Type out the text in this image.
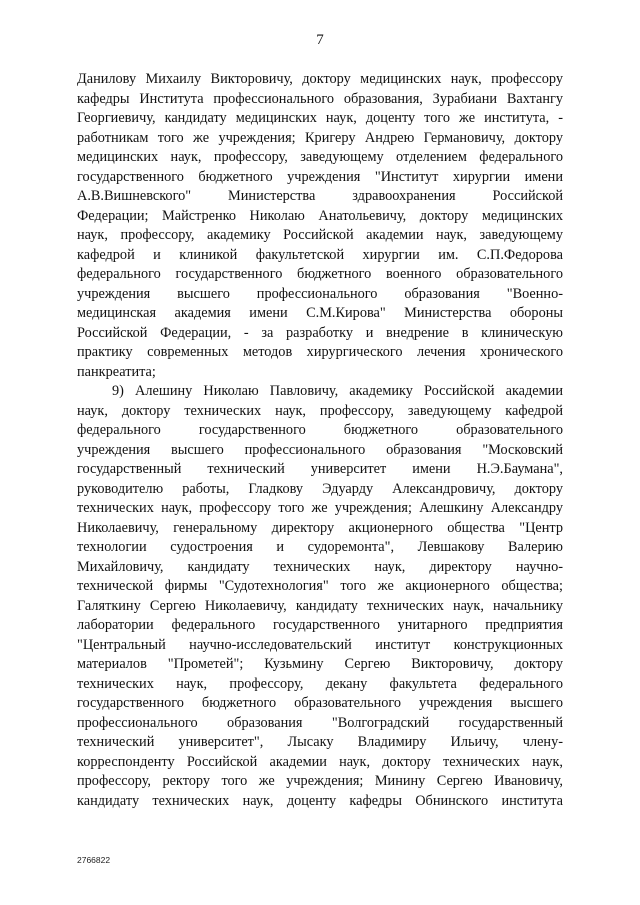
7
Данилову Михаилу Викторовичу, доктору медицинских наук, профессору
кафедры Института профессионального образования, Зурабиани Вахтангу
Георгиевичу, кандидату медицинских наук, доценту того же института, -
работникам того же учреждения; Кригеру Андрею Германовичу, доктору
медицинских наук, профессору, заведующему отделением федерального
государственного бюджетного учреждения "Институт хирургии имени
А.В.Вишневского" Министерства здравоохранения Российской
Федерации; Майстренко Николаю Анатольевичу, доктору медицинских
наук, профессору, академику Российской академии наук, заведующему
кафедрой и клиникой факультетской хирургии им. С.П.Федорова
федерального государственного бюджетного военного образовательного
учреждения высшего профессионального образования "Военно-
медицинская академия имени С.М.Кирова" Министерства обороны
Российской Федерации, - за разработку и внедрение в клиническую
практику современных методов хирургического лечения хронического
панкреатита;
9) Алешину Николаю Павловичу, академику Российской академии
наук, доктору технических наук, профессору, заведующему кафедрой
федерального государственного бюджетного образовательного
учреждения высшего профессионального образования "Московский
государственный технический университет имени Н.Э.Баумана",
руководителю работы, Гладкову Эдуарду Александровичу, доктору
технических наук, профессору того же учреждения; Алешкину Александру
Николаевичу, генеральному директору акционерного общества "Центр
технологии судостроения и судоремонта", Левшакову Валерию
Михайловичу, кандидату технических наук, директору научно-
технической фирмы "Судотехнология" того же акционерного общества;
Галяткину Сергею Николаевичу, кандидату технических наук, начальнику
лаборатории федерального государственного унитарного предприятия
"Центральный научно-исследовательский институт конструкционных
материалов "Прометей"; Кузьмину Сергею Викторовичу, доктору
технических наук, профессору, декану факультета федерального
государственного бюджетного образовательного учреждения высшего
профессионального образования "Волгоградский государственный
технический университет", Лысаку Владимиру Ильичу, члену-
корреспонденту Российской академии наук, доктору технических наук,
профессору, ректору того же учреждения; Минину Сергею Ивановичу,
кандидату технических наук, доценту кафедры Обнинского института
2766822
